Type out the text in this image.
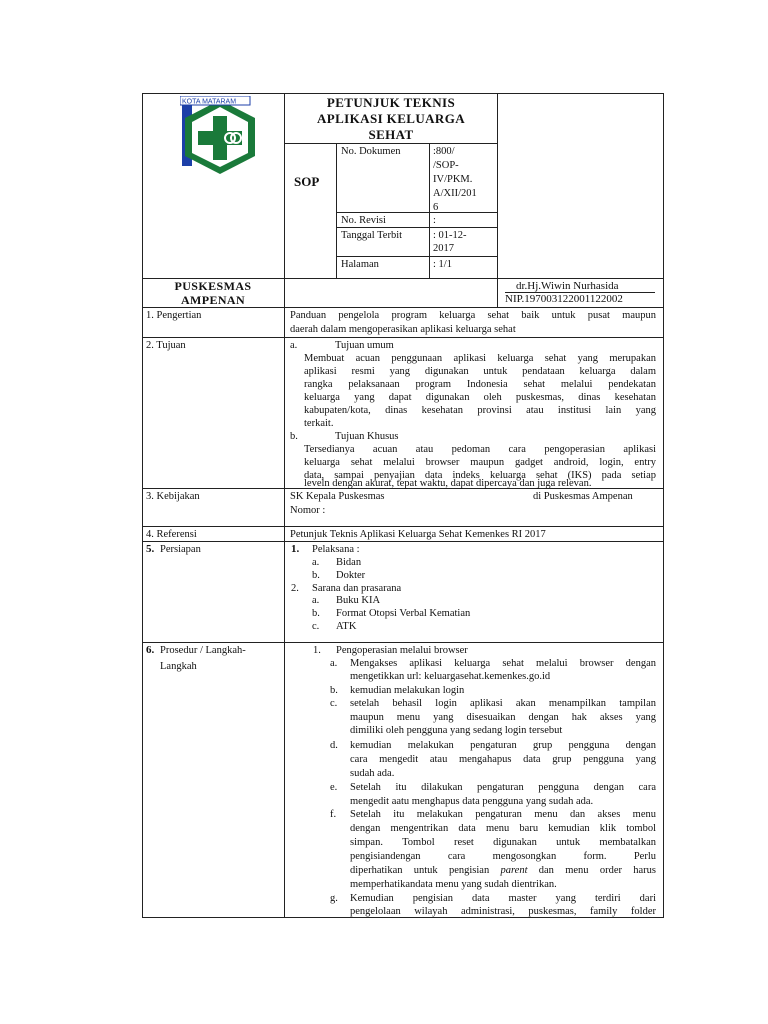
KOTA MATARAM	PETUNJUK TEKNIS
APLIKASI KELUARGA
SEHAT
SOP
No. Dokumen	:800/
/SOP-
IV/PKM.
A/XII/201
6
No. Revisi	:
Tanggal Terbit	: 01-12-
2017
Halaman	: 1/1
PUSKESMAS
AMPENAN
dr.Hj.Wiwin Nurhasida
NIP.197003122001122002
1. Pengertian	Panduan pengelola program keluarga sehat baik untuk pusat maupun
daerah dalam mengoperasikan aplikasi keluarga sehat
2. Tujuan	a.	Tujuan umum
Membuat acuan penggunaan aplikasi keluarga sehat yang merupakan
aplikasi resmi yang digunakan untuk pendataan keluarga dalam
rangka pelaksanaan program Indonesia sehat melalui pendekatan
keluarga yang dapat digunakan oleh puskesmas, dinas kesehatan
kabupaten/kota, dinas kesehatan provinsi atau institusi lain yang
terkait.
b.	Tujuan Khusus
Tersedianya acuan atau pedoman cara pengoperasian aplikasi
keluarga sehat melalui browser maupun gadget android, login, entry
data, sampai penyajian data indeks keluarga sehat (IKS) pada setiap
leveln dengan akurat, tepat waktu, dapat dipercaya dan juga relevan.
3. Kebijakan	SK Kepala Puskesmas	di Puskesmas Ampenan
Nomor :
4. Referensi	Petunjuk Teknis Aplikasi Keluarga Sehat Kemenkes RI 2017
5. Persiapan	1. Pelaksana :
a. Bidan
b. Dokter
2. Sarana dan prasarana
a. Buku KIA
b. Format Otopsi Verbal Kematian
c. ATK
6. Prosedur / Langkah-
Langkah
1. Pengoperasian melalui browser
a. Mengakses aplikasi keluarga sehat melalui browser dengan
mengetikkan url: keluargasehat.kemenkes.go.id
b. kemudian melakukan login
c. setelah behasil login aplikasi akan menampilkan tampilan
maupun menu yang disesuaikan dengan hak akses yang
dimiliki oleh pengguna yang sedang login tersebut
d. kemudian melakukan pengaturan grup pengguna dengan
cara mengedit atau mengahapus data grup pengguna yang
sudah ada.
e. Setelah itu dilakukan pengaturan pengguna dengan cara
mengedit aatu menghapus data pengguna yang sudah ada.
f. Setelah itu melakukan pengaturan menu dan akses menu
dengan mengentrikan data menu baru kemudian klik tombol
simpan. Tombol reset digunakan untuk membatalkan
pengisiandengan cara mengosongkan form. Perlu
diperhatikan untuk pengisian parent dan menu order harus
memperhatikandata menu yang sudah dientrikan.
g. Kemudian pengisian data master yang terdiri dari
pengelolaan wilayah administrasi, puskesmas, family folder
